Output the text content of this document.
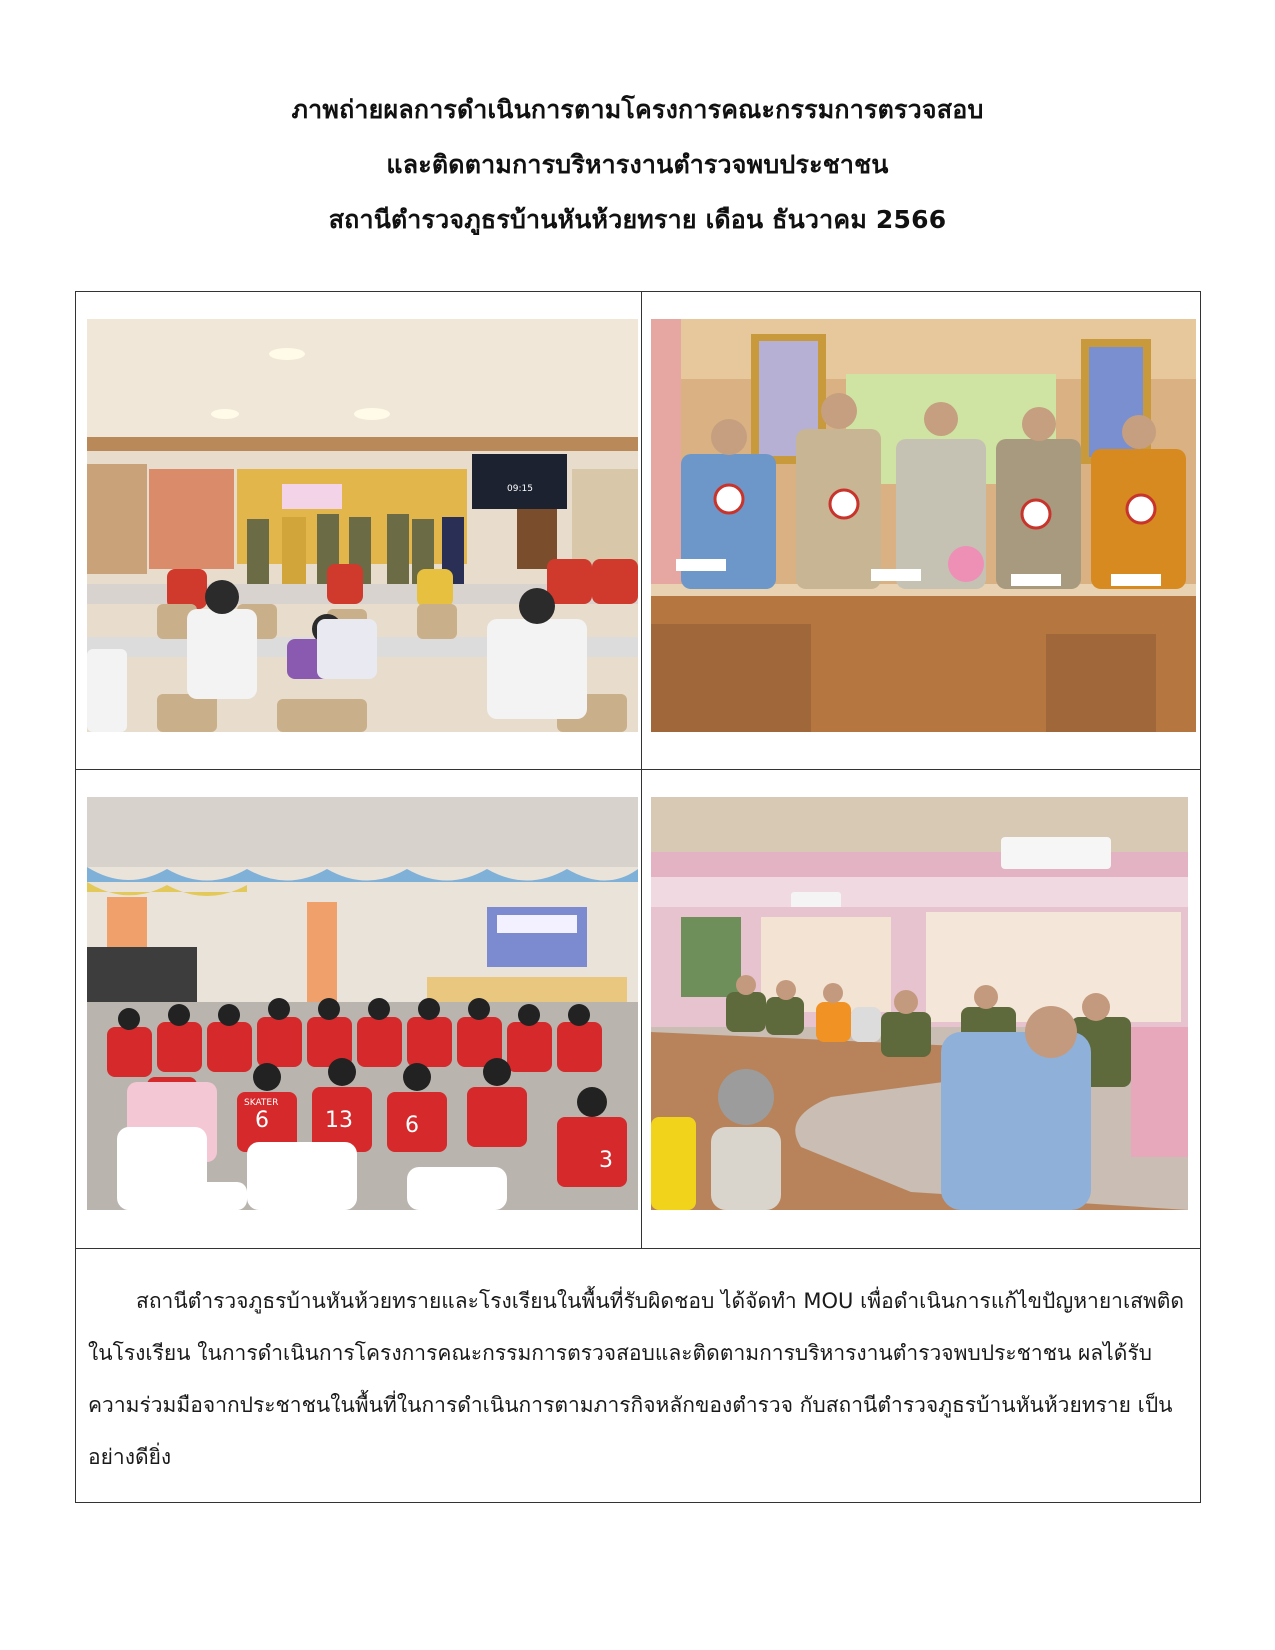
ภาพถ่ายผลการดำเนินการตามโครงการคณะกรรมการตรวจสอบ

และติดตามการบริหารงานตำรวจพบประชาชน

สถานีตำรวจภูธรบ้านหันห้วยทราย เดือน ธันวาคม 2566

09:15

6 13 6
3
SKATER

สถานีตำรวจภูธรบ้านหันห้วยทรายและโรงเรียนในพื้นที่รับผิดชอบ ได้จัดทำ MOU เพื่อดำเนินการแก้ไขปัญหายาเสพติดในโรงเรียน ในการดำเนินการโครงการคณะกรรมการตรวจสอบและติดตามการบริหารงานตำรวจพบประชาชน ผลได้รับความร่วมมือจากประชาชนในพื้นที่ในการดำเนินการตามภารกิจหลักของตำรวจ กับสถานีตำรวจภูธรบ้านหันห้วยทราย เป็นอย่างดียิ่ง	
